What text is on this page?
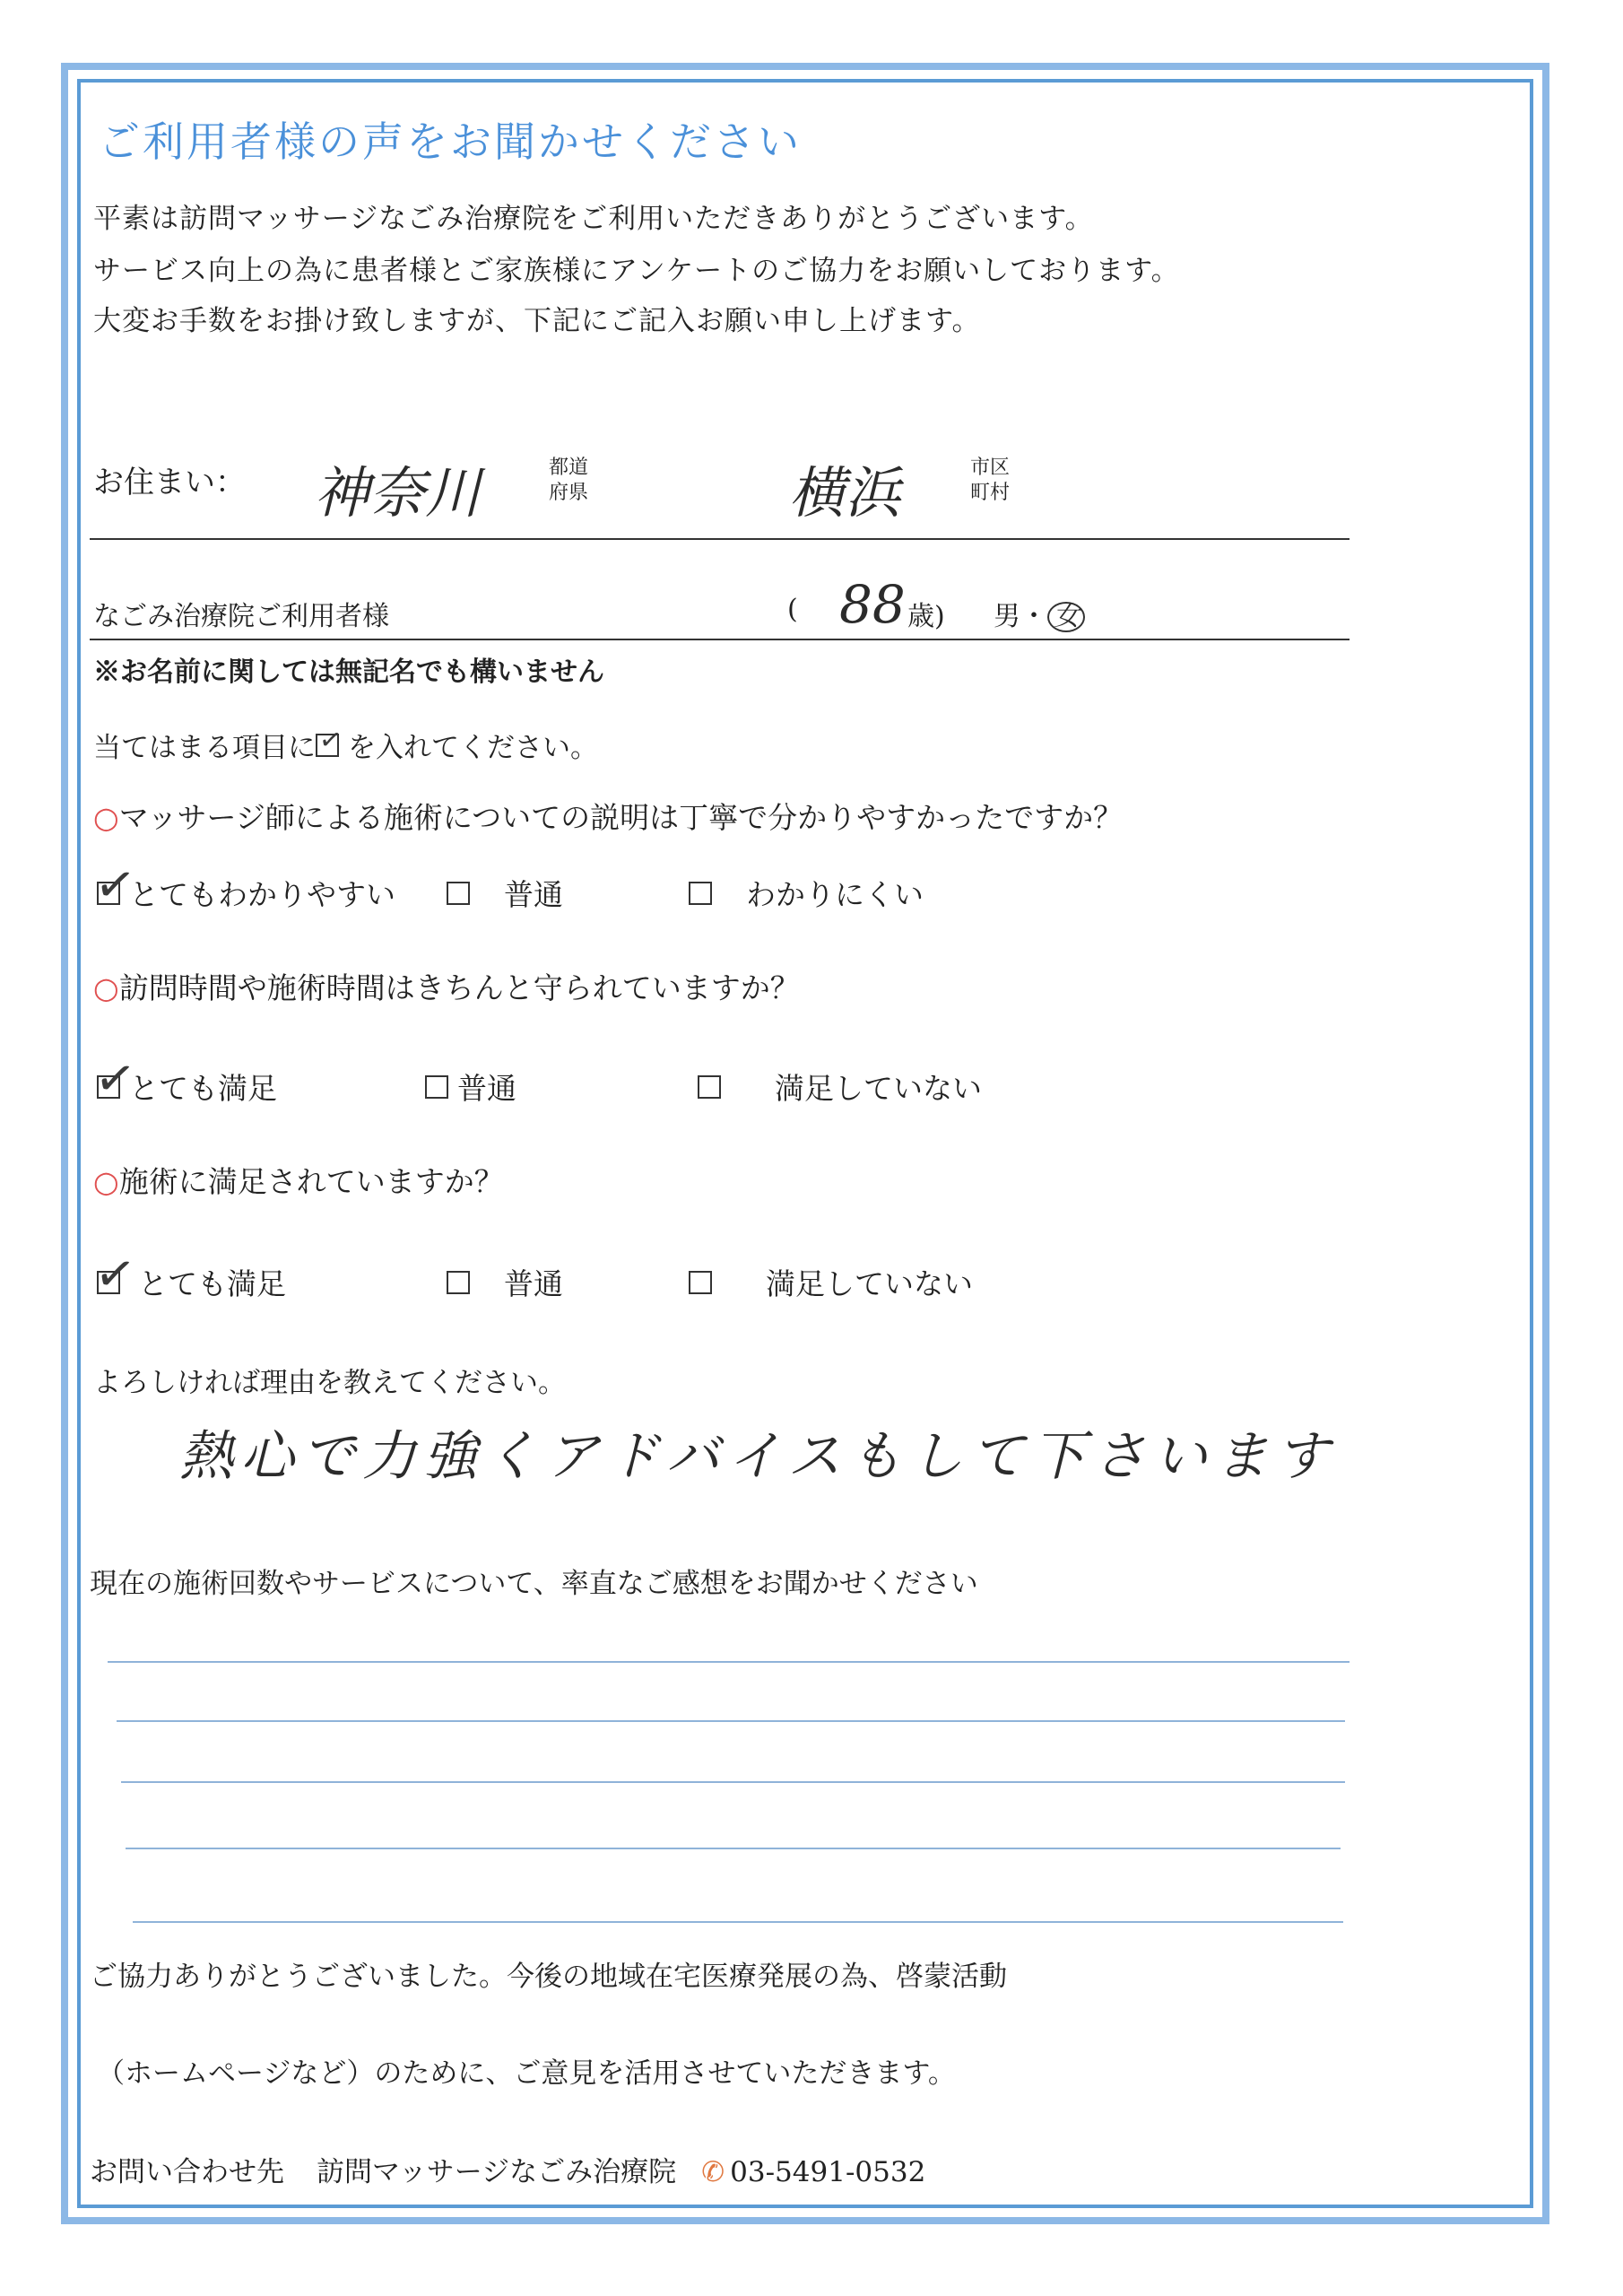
ご利用者様の声をお聞かせください
平素は訪問マッサージなごみ治療院をご利用いただきありがとうございます。
サービス向上の為に患者様とご家族様にアンケートのご協力をお願いしております。
大変お手数をお掛け致しますが、下記にご記入お願い申し上げます。
お住まい： 神奈川	都道
府県	横浜	市区
町村
なごみ治療院ご利用者様	( 88 歳) 男・ 女
※お名前に関しては無記名でも構いません
当てはまる項目に ✓ を入れてください。
○マッサージ師による施術についての説明は丁寧で分かりやすかったですか？
✓
とてもわかりやすい	普通	わかりにくい
○訪問時間や施術時間はきちんと守られていますか？
✓
とても満足	普通	満足していない
○施術に満足されていますか？
✓
とても満足	普通	満足していない
よろしければ理由を教えてください。
熱心で力強くアドバイスもして下さいます
現在の施術回数やサービスについて、率直なご感想をお聞かせください
ご協力ありがとうございました。今後の地域在宅医療発展の為、啓蒙活動
（ホームページなど）のために、ご意見を活用させていただきます。
お問い合わせ先 訪問マッサージなごみ治療院 ✆ 03-5491-0532
